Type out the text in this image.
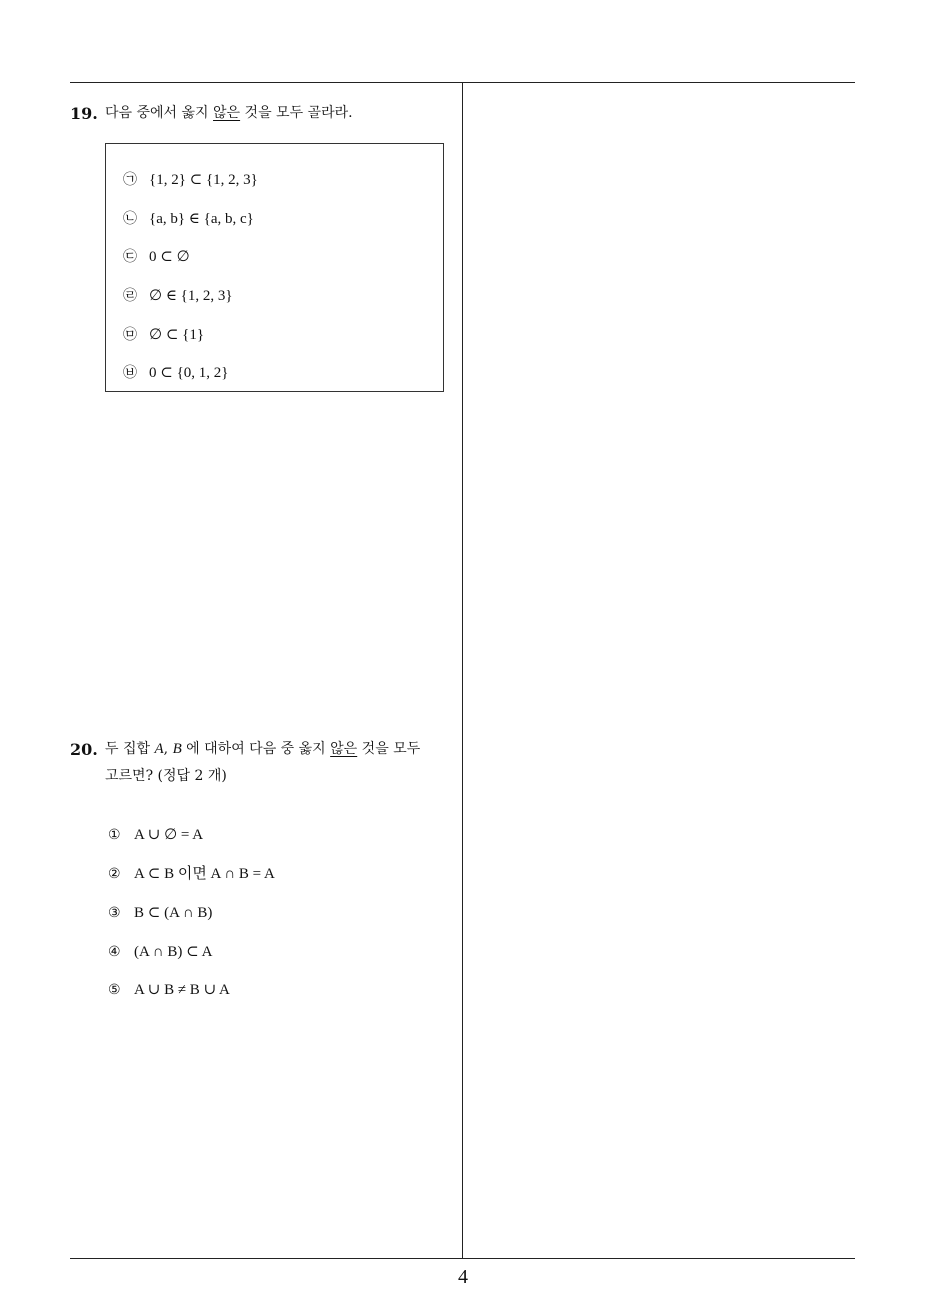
19. 다음 중에서 옳지 않은 것을 모두 골라라.
㉠ {1, 2} ⊂ {1, 2, 3}
㉡ {a, b} ∈ {a, b, c}
㉢ 0 ⊂ ∅
㉣ ∅ ∈ {1, 2, 3}
㉤ ∅ ⊂ {1}
㉥ 0 ⊂ {0, 1, 2}
20. 두 집합 A, B 에 대하여 다음 중 옳지 않은 것을 모두
고르면? (정답 2 개)
① A ∪ ∅ = A
② A ⊂ B 이면 A ∩ B = A
③ B ⊂ (A ∩ B)
④ (A ∩ B) ⊂ A
⑤ A ∪ B ≠ B ∪ A
4
